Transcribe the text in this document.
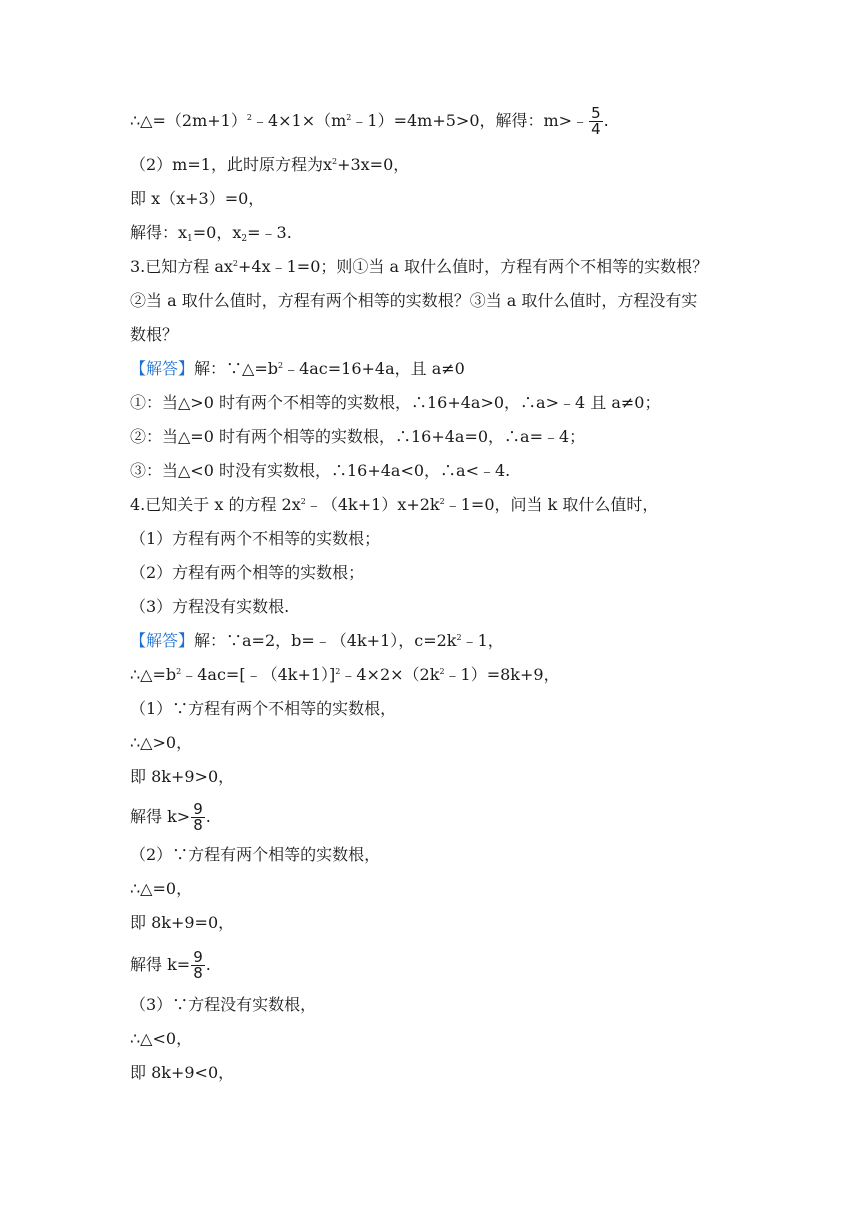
$\therefore\triangle=(2m+1)^2﹣4\times 1\times(m^2﹣1)=4m+5>0$，解得：m>﹣ $\frac{5}{4}$ .
（2）m=1，此时原方程为$x^2+3x=0$，
即 x（x+3）=0，
解得：$x_1=0$，$x_2=﹣3$.
3.已知方程 $ax^2+4x﹣1=0$；则①当 a 取什么值时，方程有两个不相等的实数根？
②当 a 取什么值时，方程有两个相等的实数根？③当 a 取什么值时，方程没有实
数根？
【解答】解：$\because\triangle=b^2﹣4ac=16+4a$，且 a≠0
①：当△>0 时有两个不相等的实数根，∴16+4a>0，∴a>﹣4 且 a≠0；
②：当△=0 时有两个相等的实数根，∴16+4a=0，∴a=﹣4；
③：当△<0 时没有实数根，∴16+4a<0，∴a<﹣4.
4.已知关于 x 的方程 $2x^2﹣(4k+1)x+2k^2﹣1=0$，问当 k 取什么值时，
（1）方程有两个不相等的实数根；
（2）方程有两个相等的实数根；
（3）方程没有实数根.
【解答】解：∵a=2，b=﹣（4k+1），$c=2k^2﹣1$，
$\therefore\triangle=b^2﹣4ac=[﹣(4k+1)]^2﹣4\times 2\times(2k^2﹣1)=8k+9$，
（1）∵方程有两个不相等的实数根，
∴△>0，
即 8k+9>0，
解得 $k> \frac{9}{8}$ .
（2）∵方程有两个相等的实数根，
∴△=0，
即 8k+9=0，
解得 $k= \frac{9}{8}$ .
（3）∵方程没有实数根，
∴△<0，
即 8k+9<0，
